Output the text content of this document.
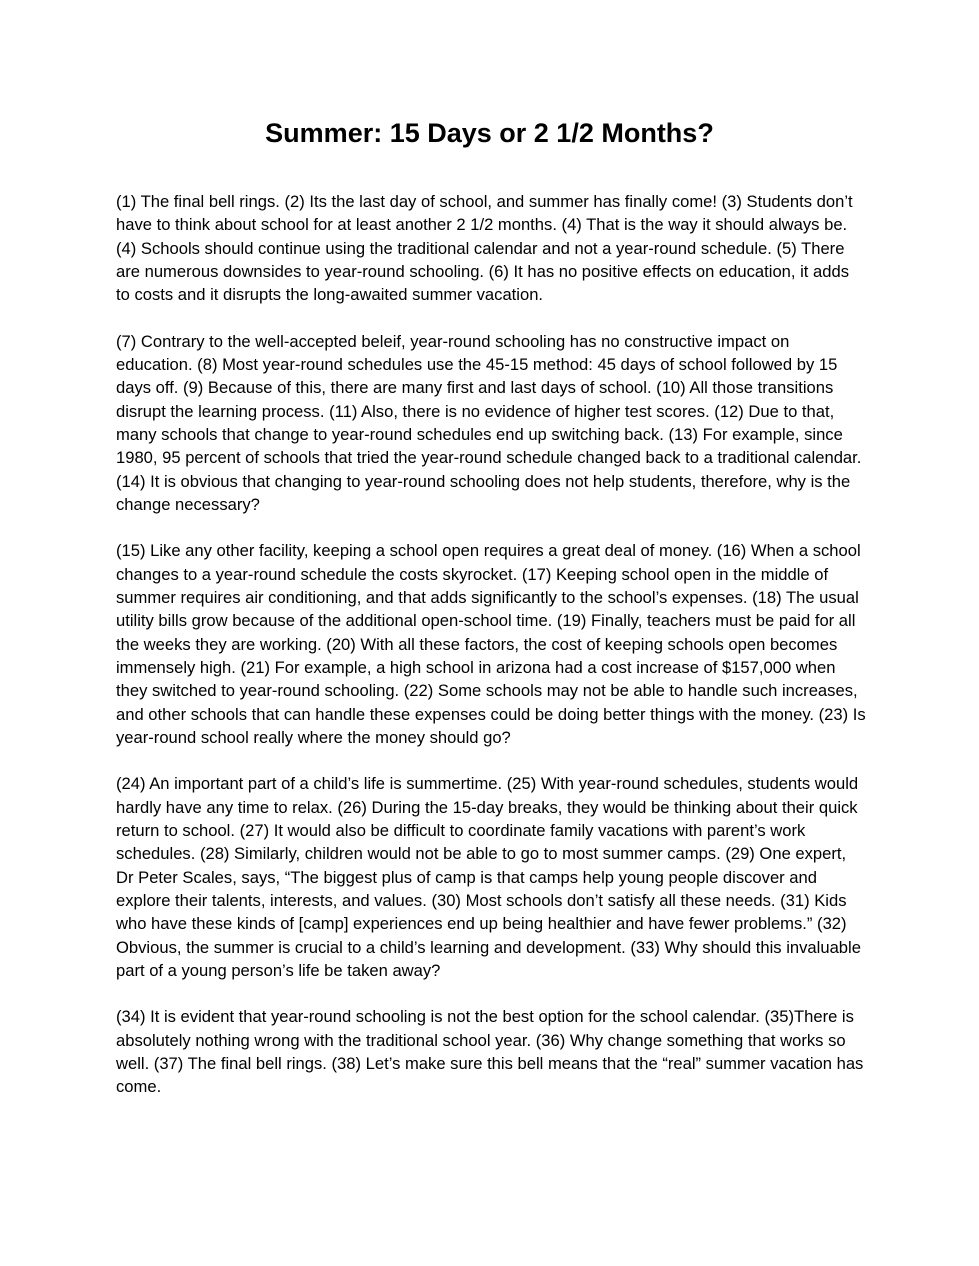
Summer: 15 Days or 2 1/2 Months?

(1) The final bell rings. (2) Its the last day of school, and summer has finally come! (3) Students don’t have to think about school for at least another 2 1/2 months. (4) That is the way it should always be. (4) Schools should continue using the traditional calendar and not a year-round schedule. (5) There are numerous downsides to year-round schooling. (6) It has no positive effects on education, it adds to costs and it disrupts the long-awaited summer vacation.

(7) Contrary to the well-accepted beleif, year-round schooling has no constructive impact on education. (8) Most year-round schedules use the 45-15 method: 45 days of school followed by 15 days off. (9) Because of this, there are many first and last days of school. (10) All those transitions disrupt the learning process. (11) Also, there is no evidence of higher test scores. (12) Due to that, many schools that change to year-round schedules end up switching back. (13) For example, since 1980, 95 percent of schools that tried the year-round schedule changed back to a traditional calendar. (14) It is obvious that changing to year-round schooling does not help students, therefore, why is the change necessary?

(15) Like any other facility, keeping a school open requires a great deal of money. (16) When a school changes to a year-round schedule the costs skyrocket. (17) Keeping school open in the middle of summer requires air conditioning, and that adds significantly to the school’s expenses. (18) The usual utility bills grow because of the additional open-school time. (19) Finally, teachers must be paid for all the weeks they are working. (20) With all these factors, the cost of keeping schools open becomes immensely high. (21) For example, a high school in arizona had a cost increase of $157,000 when they switched to year-round schooling. (22) Some schools may not be able to handle such increases, and other schools that can handle these expenses could be doing better things with the money. (23) Is year-round school really where the money should go?

(24) An important part of a child’s life is summertime. (25) With year-round schedules, students would hardly have any time to relax. (26) During the 15-day breaks, they would be thinking about their quick return to school. (27) It would also be difficult to coordinate family vacations with parent’s work schedules. (28) Similarly, children would not be able to go to most summer camps. (29) One expert, Dr Peter Scales, says, “The biggest plus of camp is that camps help young people discover and explore their talents, interests, and values. (30) Most schools don’t satisfy all these needs. (31) Kids who have these kinds of [camp] experiences end up being healthier and have fewer problems.” (32) Obvious, the summer is crucial to a child’s learning and development. (33) Why should this invaluable part of a young person’s life be taken away?

(34) It is evident that year-round schooling is not the best option for the school calendar. (35)There is absolutely nothing wrong with the traditional school year. (36) Why change something that works so well. (37) The final bell rings. (38) Let’s make sure this bell means that the “real” summer vacation has come.
